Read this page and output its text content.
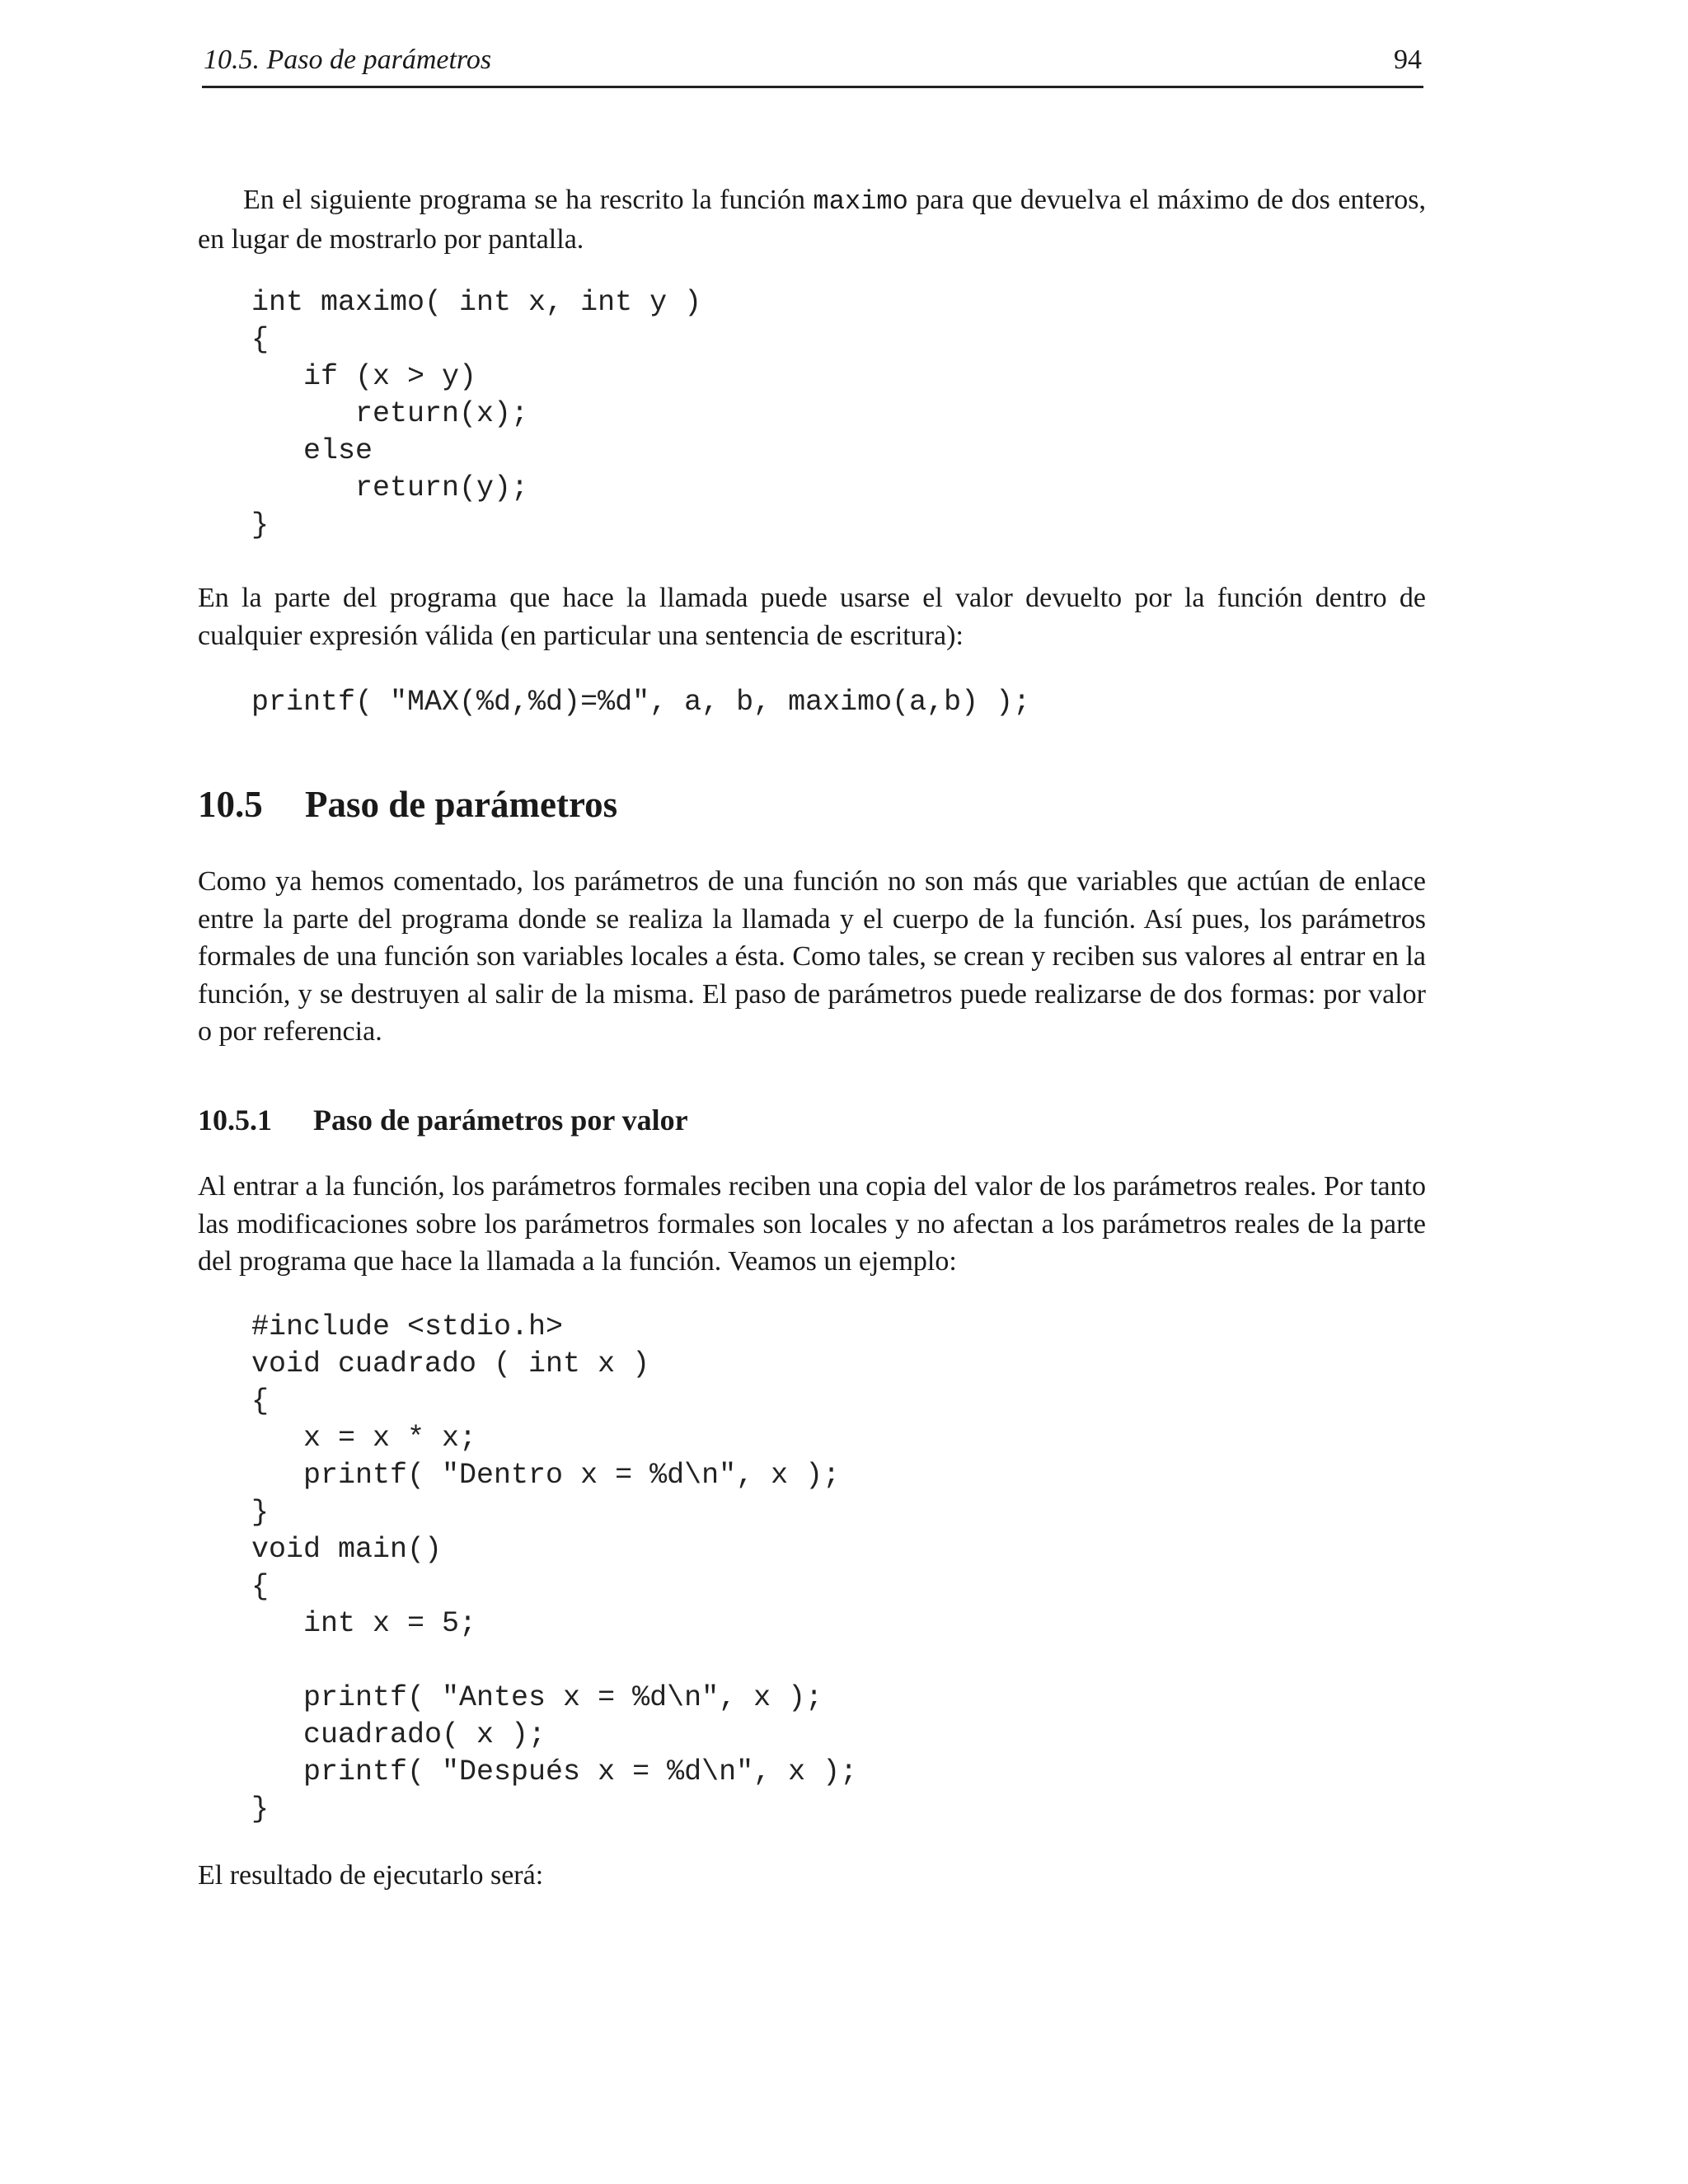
10.5. Paso de parámetros	94

En el siguiente programa se ha rescrito la función maximo para que devuelva el máximo de dos enteros, en lugar de mostrarlo por pantalla.

int maximo( int x, int y )
{
if (x > y)
return(x);
else
return(y);
}

En la parte del programa que hace la llamada puede usarse el valor devuelto por la función dentro de cualquier expresión válida (en particular una sentencia de escritura):

printf( "MAX(%d,%d)=%d", a, b, maximo(a,b) );
10.5 Paso de parámetros

Como ya hemos comentado, los parámetros de una función no son más que variables que actúan de enlace entre la parte del programa donde se realiza la llamada y el cuerpo de la función. Así pues, los parámetros formales de una función son variables locales a ésta. Como tales, se crean y reciben sus valores al entrar en la función, y se destruyen al salir de la misma. El paso de parámetros puede realizarse de dos formas: por valor o por referencia.

10.5.1 Paso de parámetros por valor

Al entrar a la función, los parámetros formales reciben una copia del valor de los parámetros reales. Por tanto las modificaciones sobre los parámetros formales son locales y no afectan a los parámetros reales de la parte del programa que hace la llamada a la función. Veamos un ejemplo:

#include <stdio.h>
void cuadrado ( int x )
{
x = x * x;
printf( "Dentro x = %d\n", x );
}
void main()
{
int x = 5;

printf( "Antes x = %d\n", x );
cuadrado( x );
printf( "Después x = %d\n", x );
}

El resultado de ejecutarlo será:
